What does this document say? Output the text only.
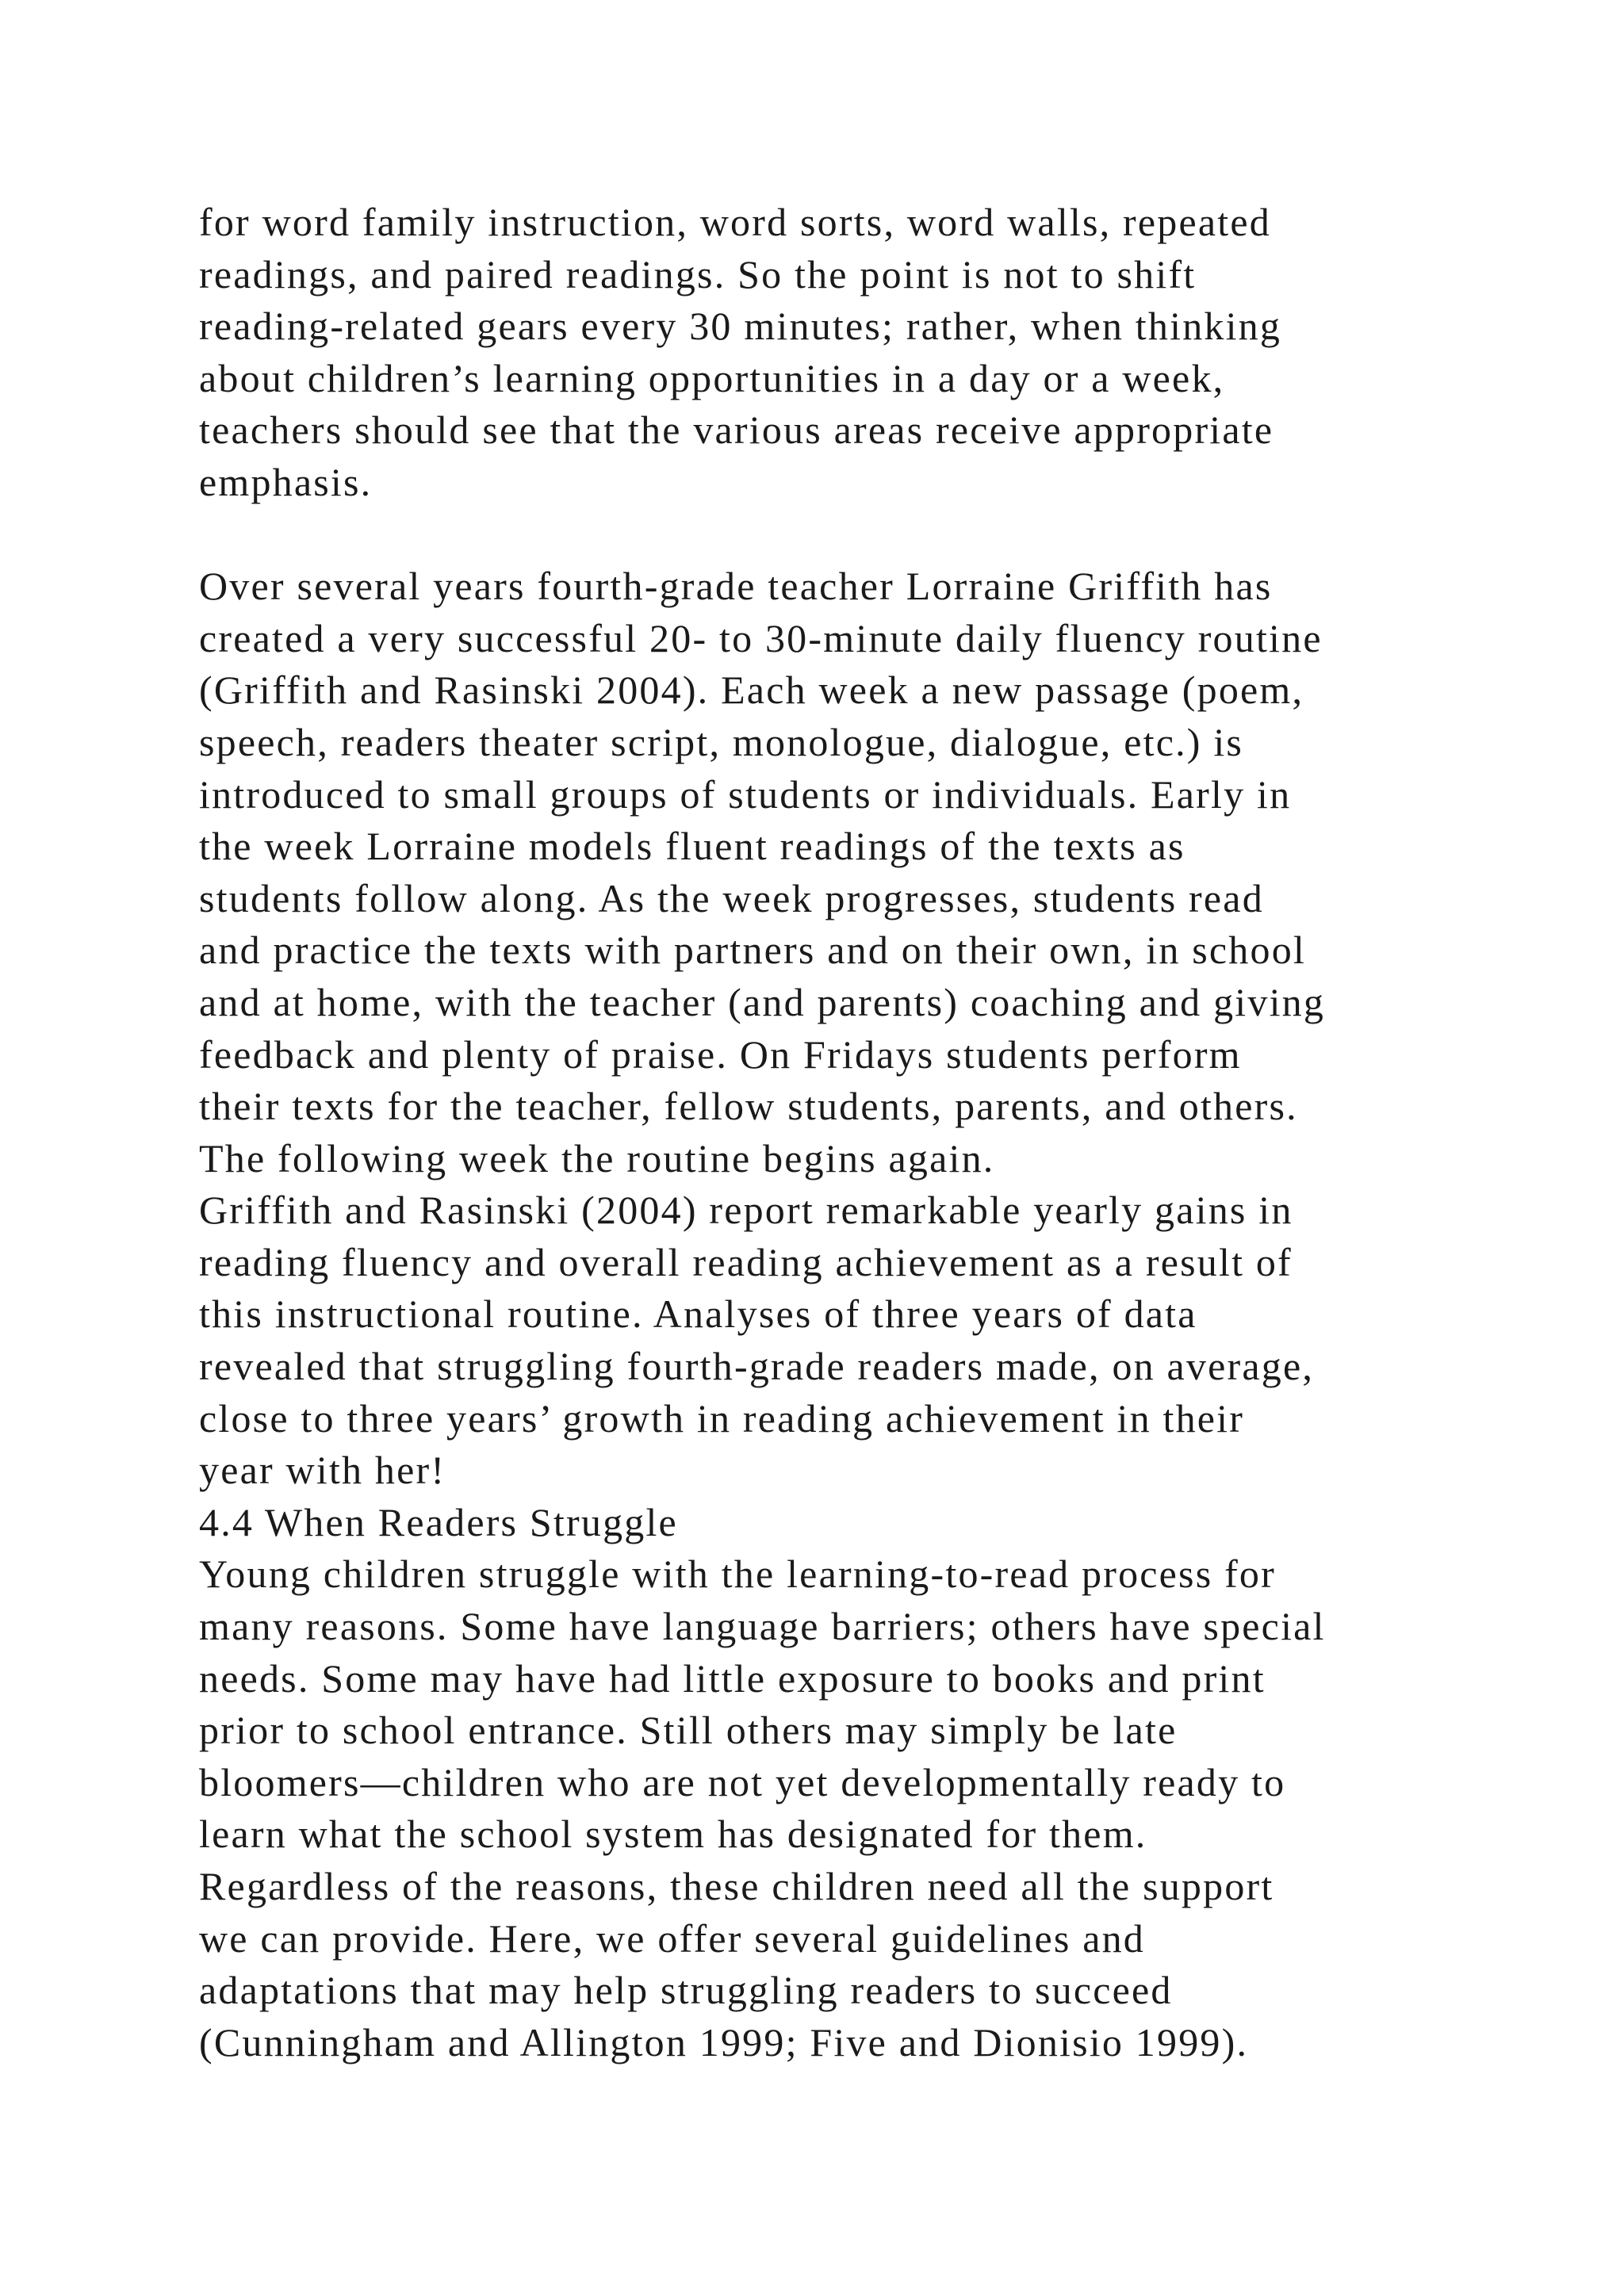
for word family instruction, word sorts, word walls, repeated
readings, and paired readings. So the point is not to shift
reading-related gears every 30 minutes; rather, when thinking
about children’s learning opportunities in a day or a week,
teachers should see that the various areas receive appropriate
emphasis.
Over several years fourth-grade teacher Lorraine Griffith has
created a very successful 20- to 30-minute daily fluency routine
(Griffith and Rasinski 2004). Each week a new passage (poem,
speech, readers theater script, monologue, dialogue, etc.) is
introduced to small groups of students or individuals. Early in
the week Lorraine models fluent readings of the texts as
students follow along. As the week progresses, students read
and practice the texts with partners and on their own, in school
and at home, with the teacher (and parents) coaching and giving
feedback and plenty of praise. On Fridays students perform
their texts for the teacher, fellow students, parents, and others.
The following week the routine begins again.
Griffith and Rasinski (2004) report remarkable yearly gains in
reading fluency and overall reading achievement as a result of
this instructional routine. Analyses of three years of data
revealed that struggling fourth-grade readers made, on average,
close to three years’ growth in reading achievement in their
year with her!
4.4 When Readers Struggle
Young children struggle with the learning-to-read process for
many reasons. Some have language barriers; others have special
needs. Some may have had little exposure to books and print
prior to school entrance. Still others may simply be late
bloomers—children who are not yet developmentally ready to
learn what the school system has designated for them.
Regardless of the reasons, these children need all the support
we can provide. Here, we offer several guidelines and
adaptations that may help struggling readers to succeed
(Cunningham and Allington 1999; Five and Dionisio 1999).
